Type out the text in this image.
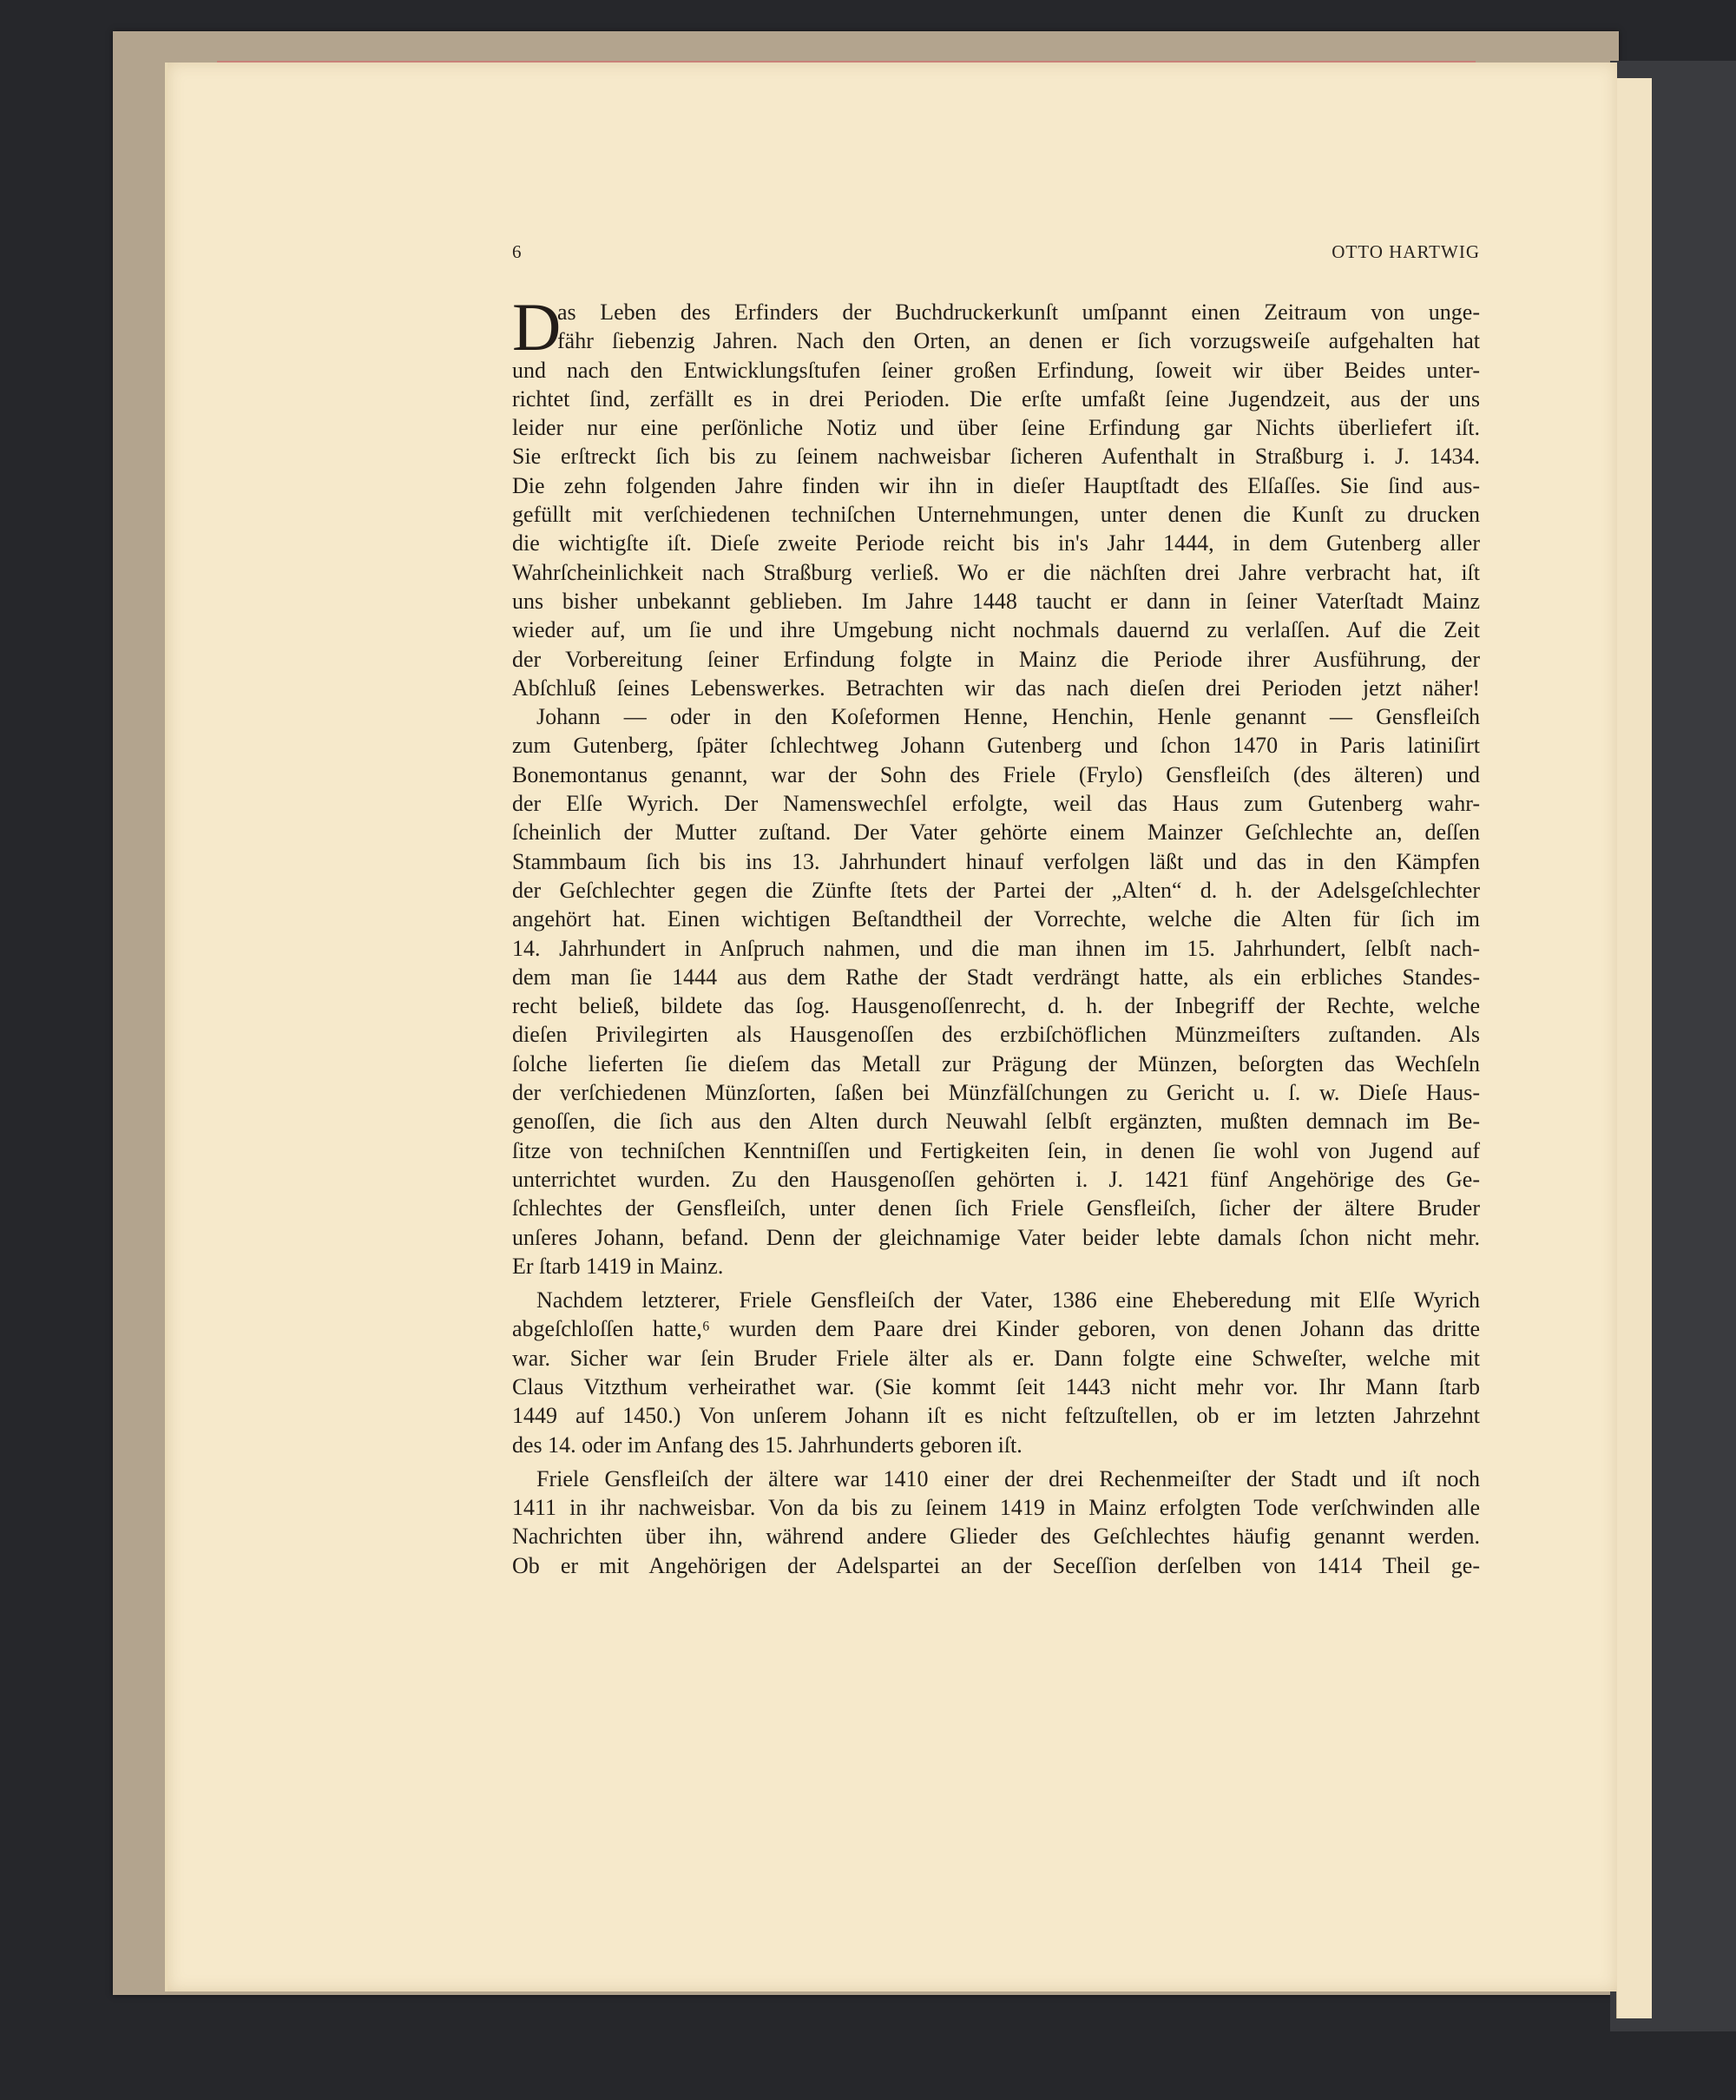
6	OTTO HARTWIG
D
as Leben des Erfinders der Buchdruckerkunſt umſpannt einen Zeitraum von unge-
fähr ſiebenzig Jahren. Nach den Orten, an denen er ſich vorzugsweiſe aufgehalten hat
und nach den Entwicklungsſtufen ſeiner großen Erfindung, ſoweit wir über Beides unter-
richtet ſind, zerfällt es in drei Perioden. Die erſte umfaßt ſeine Jugendzeit, aus der uns
leider nur eine perſönliche Notiz und über ſeine Erfindung gar Nichts überliefert iſt.
Sie erſtreckt ſich bis zu ſeinem nachweisbar ſicheren Aufenthalt in Straßburg i. J. 1434.
Die zehn folgenden Jahre finden wir ihn in dieſer Hauptſtadt des Elſaſſes. Sie ſind aus-
gefüllt mit verſchiedenen techniſchen Unternehmungen, unter denen die Kunſt zu drucken
die wichtigſte iſt. Dieſe zweite Periode reicht bis in's Jahr 1444, in dem Gutenberg aller
Wahrſcheinlichkeit nach Straßburg verließ. Wo er die nächſten drei Jahre verbracht hat, iſt
uns bisher unbekannt geblieben. Im Jahre 1448 taucht er dann in ſeiner Vaterſtadt Mainz
wieder auf, um ſie und ihre Umgebung nicht nochmals dauernd zu verlaſſen. Auf die Zeit
der Vorbereitung ſeiner Erfindung folgte in Mainz die Periode ihrer Ausführung, der
Abſchluß ſeines Lebenswerkes. Betrachten wir das nach dieſen drei Perioden jetzt näher!
Johann — oder in den Koſeformen Henne, Henchin, Henle genannt — Gensfleiſch
zum Gutenberg, ſpäter ſchlechtweg Johann Gutenberg und ſchon 1470 in Paris latiniſirt
Bonemontanus genannt, war der Sohn des Friele (Frylo) Gensfleiſch (des älteren) und
der Elſe Wyrich. Der Namenswechſel erfolgte, weil das Haus zum Gutenberg wahr-
ſcheinlich der Mutter zuſtand. Der Vater gehörte einem Mainzer Geſchlechte an, deſſen
Stammbaum ſich bis ins 13. Jahrhundert hinauf verfolgen läßt und das in den Kämpfen
der Geſchlechter gegen die Zünfte ſtets der Partei der „Alten“ d. h. der Adelsgeſchlechter
angehört hat. Einen wichtigen Beſtandtheil der Vorrechte, welche die Alten für ſich im
14. Jahrhundert in Anſpruch nahmen, und die man ihnen im 15. Jahrhundert, ſelbſt nach-
dem man ſie 1444 aus dem Rathe der Stadt verdrängt hatte, als ein erbliches Standes-
recht beließ, bildete das ſog. Hausgenoſſenrecht, d. h. der Inbegriff der Rechte, welche
dieſen Privilegirten als Hausgenoſſen des erzbiſchöflichen Münzmeiſters zuſtanden. Als
ſolche lieferten ſie dieſem das Metall zur Prägung der Münzen, beſorgten das Wechſeln
der verſchiedenen Münzſorten, ſaßen bei Münzfälſchungen zu Gericht u. ſ. w. Dieſe Haus-
genoſſen, die ſich aus den Alten durch Neuwahl ſelbſt ergänzten, mußten demnach im Be-
ſitze von techniſchen Kenntniſſen und Fertigkeiten ſein, in denen ſie wohl von Jugend auf
unterrichtet wurden. Zu den Hausgenoſſen gehörten i. J. 1421 fünf Angehörige des Ge-
ſchlechtes der Gensfleiſch, unter denen ſich Friele Gensfleiſch, ſicher der ältere Bruder
unſeres Johann, befand. Denn der gleichnamige Vater beider lebte damals ſchon nicht mehr.
Er ſtarb 1419 in Mainz.
Nachdem letzterer, Friele Gensfleiſch der Vater, 1386 eine Eheberedung mit Elſe Wyrich
abgeſchloſſen hatte,⁶ wurden dem Paare drei Kinder geboren, von denen Johann das dritte
war. Sicher war ſein Bruder Friele älter als er. Dann folgte eine Schweſter, welche mit
Claus Vitzthum verheirathet war. (Sie kommt ſeit 1443 nicht mehr vor. Ihr Mann ſtarb
1449 auf 1450.) Von unſerem Johann iſt es nicht feſtzuſtellen, ob er im letzten Jahrzehnt
des 14. oder im Anfang des 15. Jahrhunderts geboren iſt.
Friele Gensfleiſch der ältere war 1410 einer der drei Rechenmeiſter der Stadt und iſt noch
1411 in ihr nachweisbar. Von da bis zu ſeinem 1419 in Mainz erfolgten Tode verſchwinden alle
Nachrichten über ihn, während andere Glieder des Geſchlechtes häufig genannt werden.
Ob er mit Angehörigen der Adelspartei an der Seceſſion derſelben von 1414 Theil ge-
